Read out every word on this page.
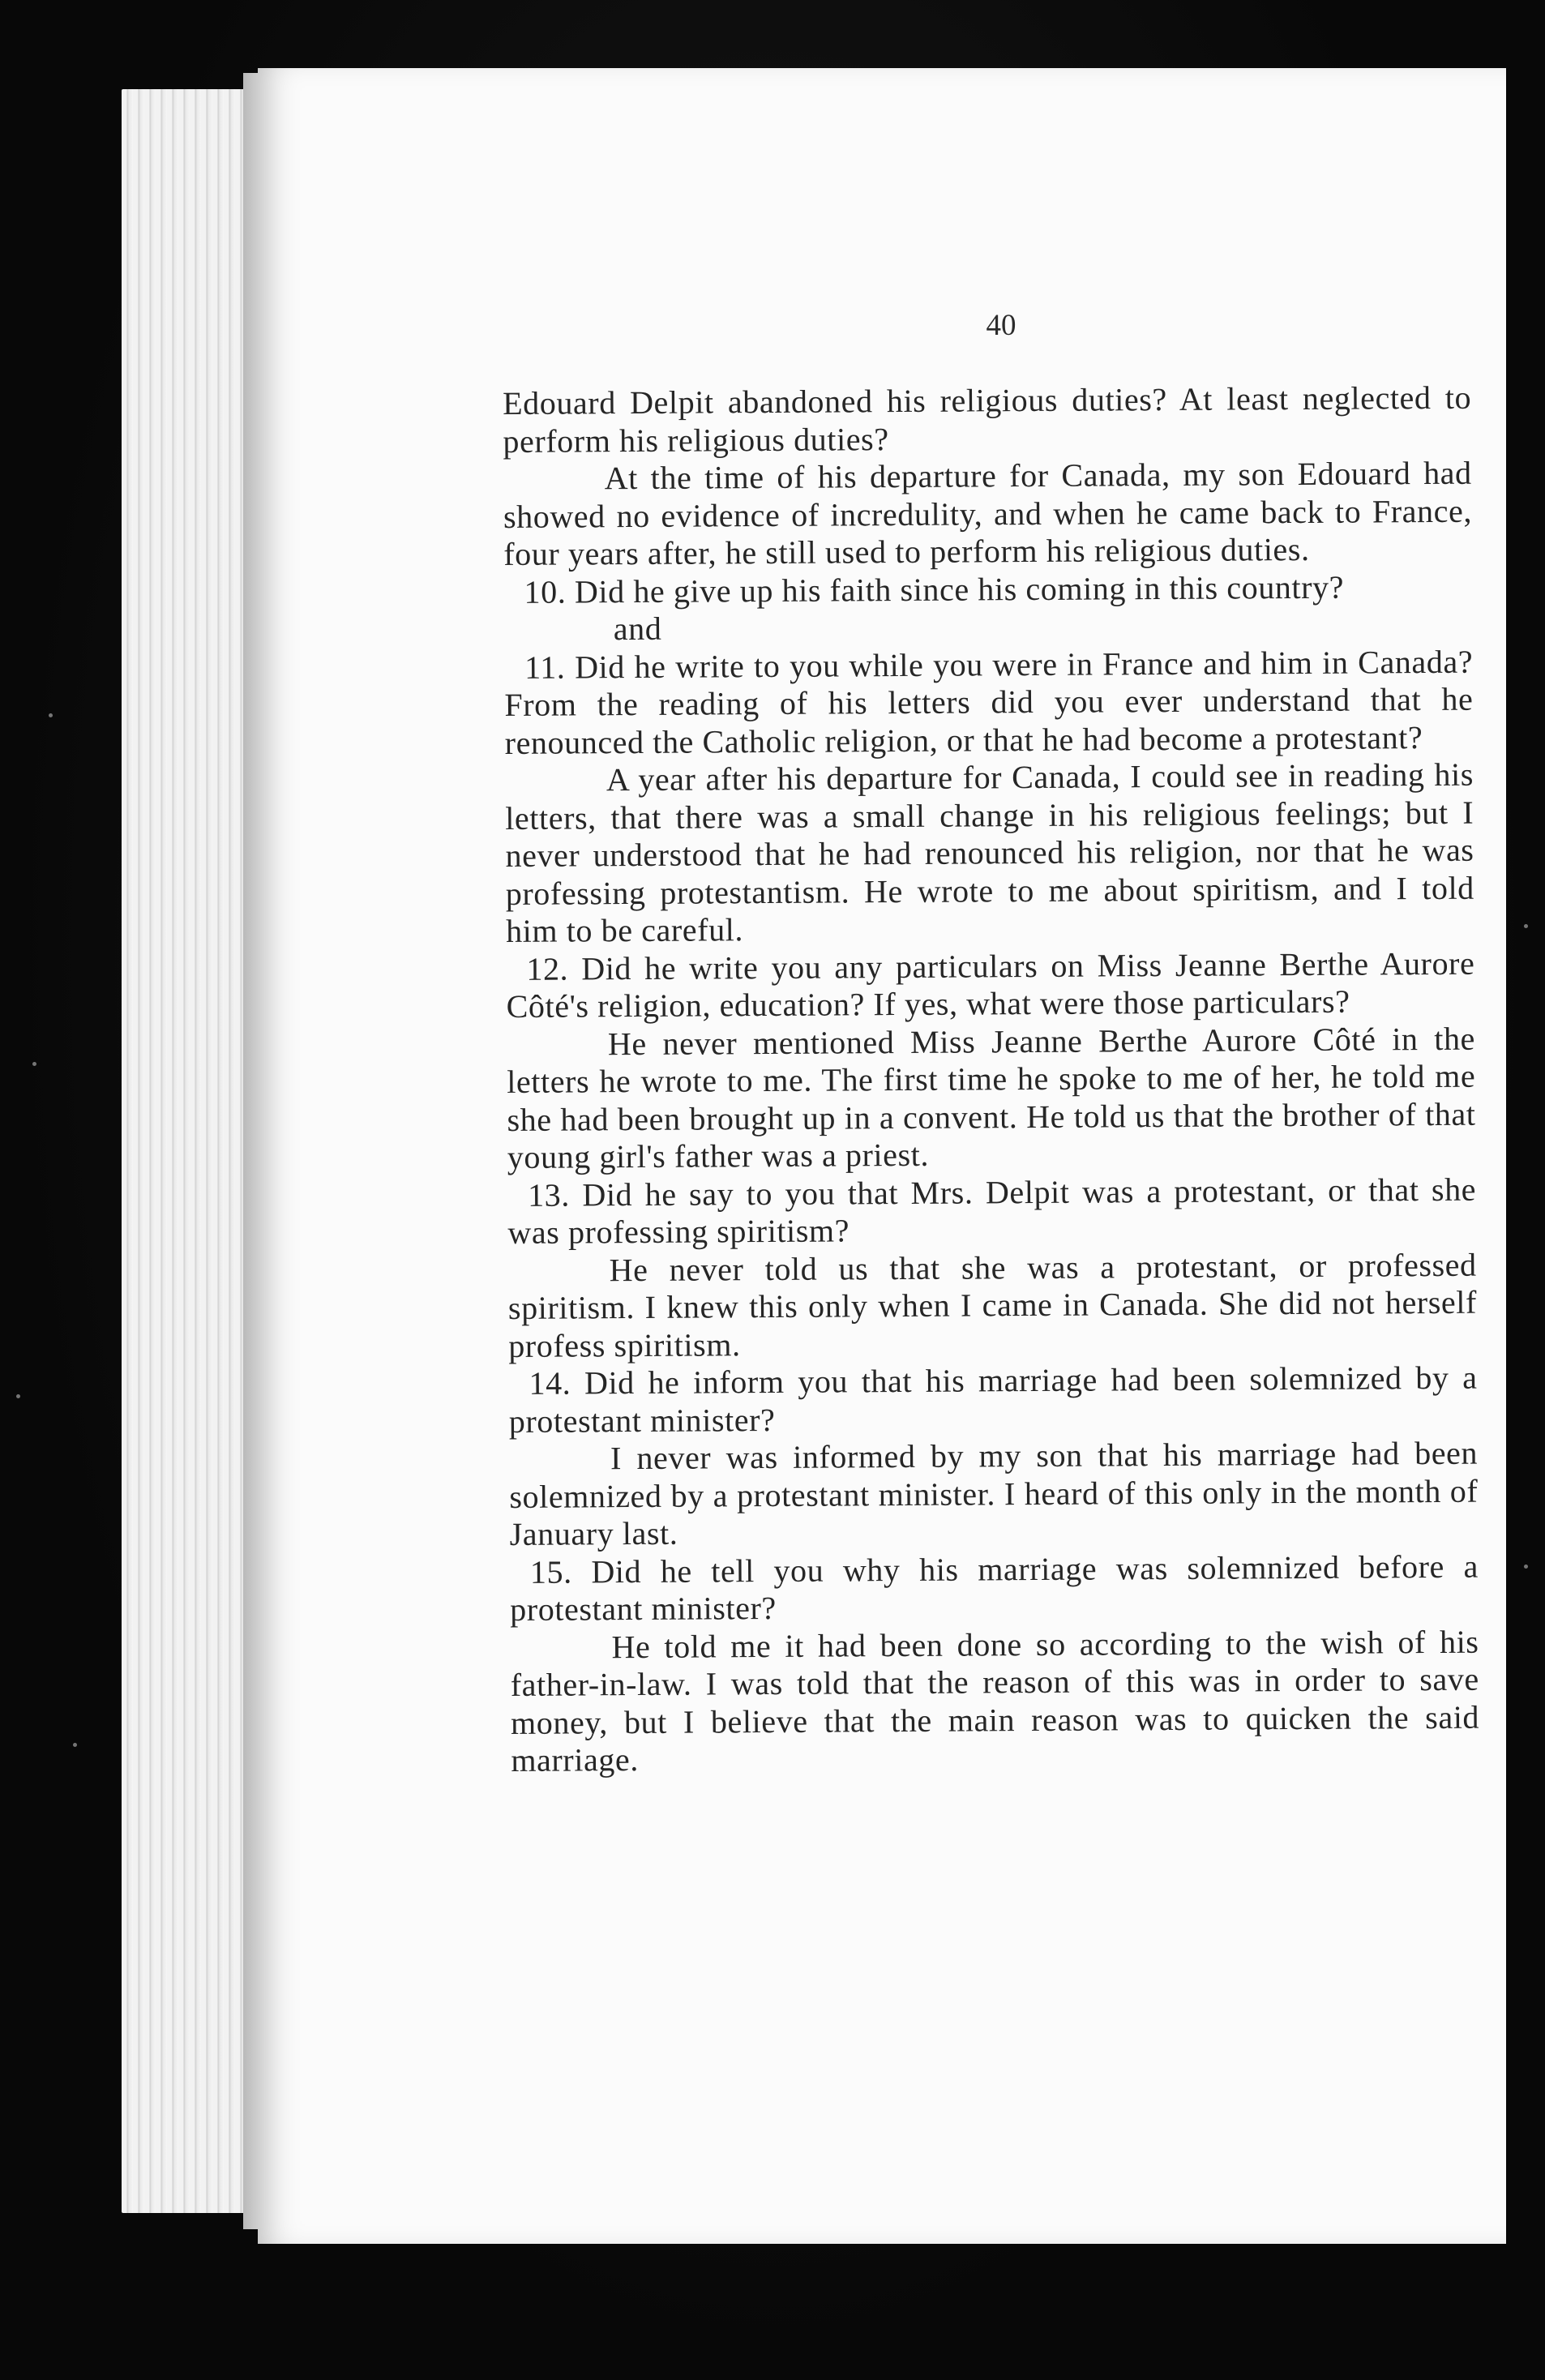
40

Edouard Delpit abandoned his religious duties? At least neglected to perform his religious duties?

At the time of his departure for Canada, my son Edouard had showed no evidence of incredulity, and when he came back to France, four years after, he still used to perform his religious duties.

10. Did he give up his faith since his coming in this country?

and

11. Did he write to you while you were in France and him in Canada? From the reading of his letters did you ever understand that he renounced the Catholic religion, or that he had become a protestant?

A year after his departure for Canada, I could see in reading his letters, that there was a small change in his religious feelings; but I never understood that he had renounced his religion, nor that he was professing protestantism. He wrote to me about spiritism, and I told him to be careful.

12. Did he write you any particulars on Miss Jeanne Berthe Aurore Côté's religion, education? If yes, what were those particulars?

He never mentioned Miss Jeanne Berthe Aurore Côté in the letters he wrote to me. The first time he spoke to me of her, he told me she had been brought up in a convent. He told us that the brother of that young girl's father was a priest.

13. Did he say to you that Mrs. Delpit was a protestant, or that she was professing spiritism?

He never told us that she was a protestant, or professed spiritism. I knew this only when I came in Canada. She did not herself profess spiritism.

14. Did he inform you that his marriage had been solemnized by a protestant minister?

I never was informed by my son that his marriage had been solemnized by a protestant minister. I heard of this only in the month of January last.

15. Did he tell you why his marriage was solemnized before a protestant minister?

He told me it had been done so according to the wish of his father-in-law. I was told that the reason of this was in order to save money, but I believe that the main reason was to quicken the said marriage.
